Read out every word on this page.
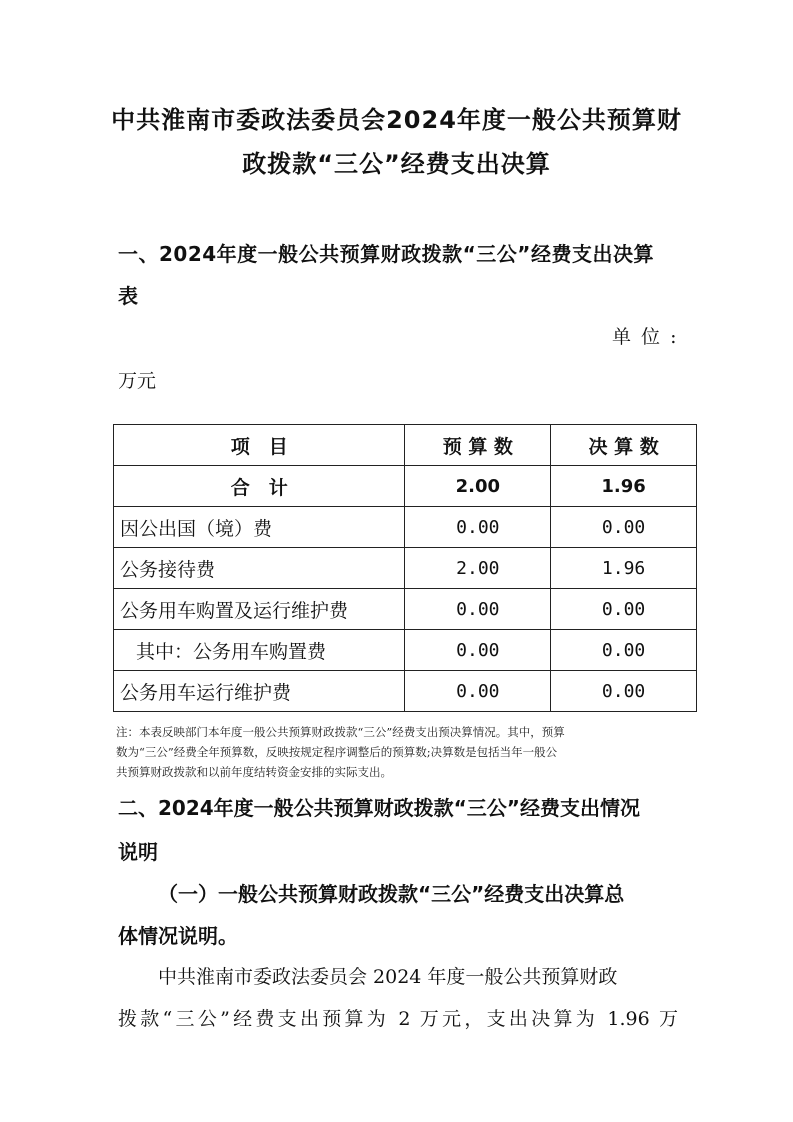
中共淮南市委政法委员会2024年度一般公共预算财
政拨款“三公”经费支出决算

一、2024年度一般公共预算财政拨款“三公”经费支出决算

表

单 位 :

万元

项　目	预 算 数	决 算 数
合　计	2.00	1.96
因公出国（境）费	0.00	0.00
公务接待费	2.00	1.96
公务用车购置及运行维护费	0.00	0.00
其中：公务用车购置费	0.00	0.00
公务用车运行维护费	0.00	0.00
注：本表反映部门本年度一般公共预算财政拨款“三公”经费支出预决算情况。其中，预算
数为“三公”经费全年预算数，反映按规定程序调整后的预算数;决算数是包括当年一般公
共预算财政拨款和以前年度结转资金安排的实际支出。

二、2024年度一般公共预算财政拨款“三公”经费支出情况

说明

（一）一般公共预算财政拨款“三公”经费支出决算总

体情况说明。

中共淮南市委政法委员会 2024 年度一般公共预算财政

拨款“三公”经费支出预算为 2 万元，支出决算为 1.96 万
